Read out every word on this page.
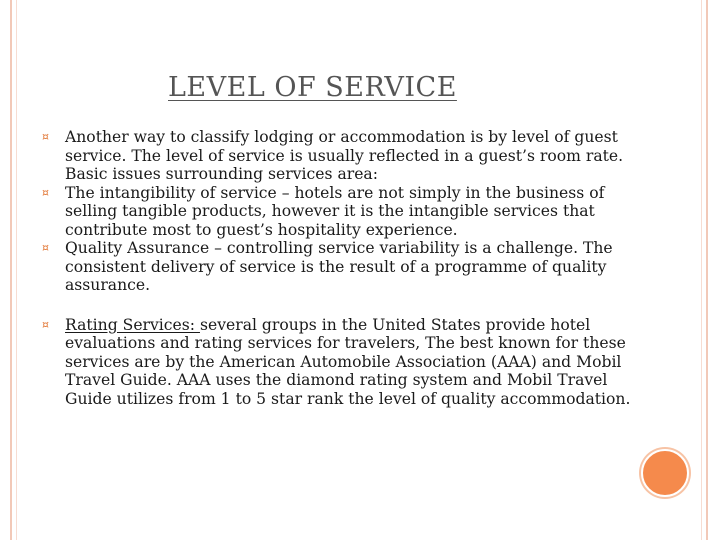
LEVEL OF SERVICE
¤ Another way to classify lodging or accommodation is by level of guest service. The level of service is usually reflected in a guest’s room rate. Basic issues surrounding services area:
¤ The intangibility of service – hotels are not simply in the business of selling tangible products, however it is the intangible services that contribute most to guest’s hospitality experience.
¤ Quality Assurance – controlling service variability is a challenge. The consistent delivery of service is the result of a programme of quality assurance.
¤ Rating Services: several groups in the United States provide hotel evaluations and rating services for travelers, The best known for these services are by the American Automobile Association (AAA) and Mobil Travel Guide. AAA uses the diamond rating system and Mobil Travel Guide utilizes from 1 to 5 star rank the level of quality accommodation.
